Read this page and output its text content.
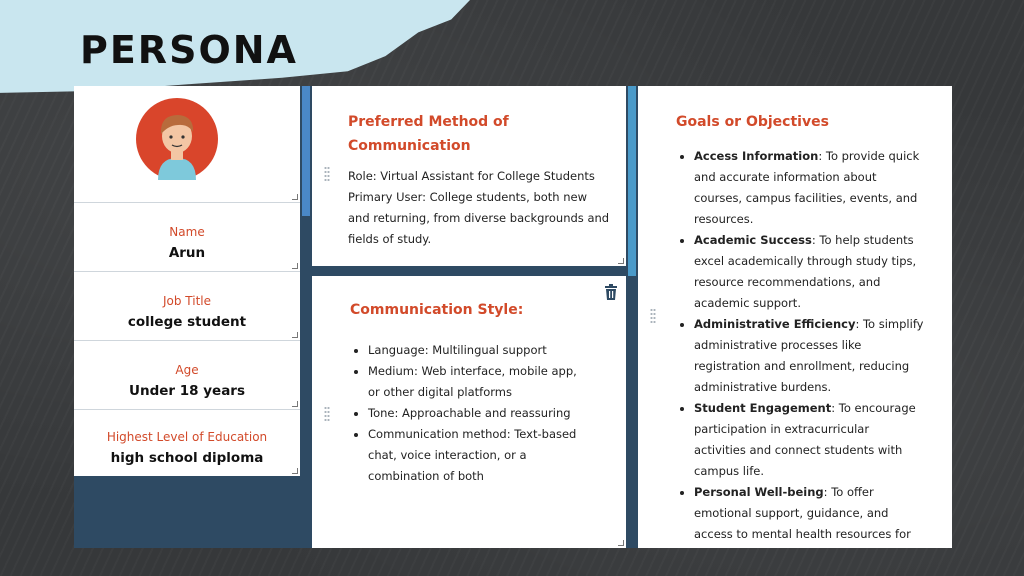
PERSONA
Name
Arun
Job Title
college student
Age
Under 18 years
Highest Level of Education
high school diploma
Preferred Method of Communication

Role: Virtual Assistant for College Students

Primary User: College students, both new and returning, from diverse backgrounds and fields of study.

Communication Style:
• Language: Multilingual support
• Medium: Web interface, mobile app, or other digital platforms
• Tone: Approachable and reassuring
• Communication method: Text-based chat, voice interaction, or a combination of both
Goals or Objectives
• Access Information: To provide quick and accurate information about courses, campus facilities, events, and resources.
• Academic Success: To help students excel academically through study tips, resource recommendations, and academic support.
• Administrative Efficiency: To simplify administrative processes like registration and enrollment, reducing administrative burdens.
• Student Engagement: To encourage participation in extracurricular activities and connect students with campus life.
• Personal Well-being: To offer emotional support, guidance, and access to mental health resources for
